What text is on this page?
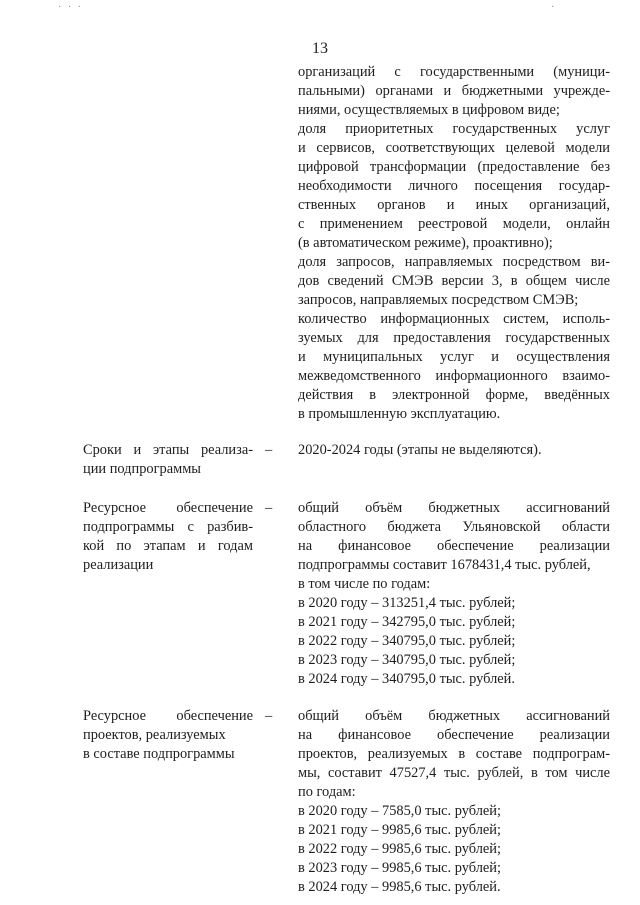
· · ·	·
13
организаций с государственными (муници-
пальными) органами и бюджетными учрежде-
ниями, осуществляемых в цифровом виде;
доля приоритетных государственных услуг
и сервисов, соответствующих целевой модели
цифровой трансформации (предоставление без
необходимости личного посещения государ-
ственных органов и иных организаций,
с применением реестровой модели, онлайн
(в автоматическом режиме), проактивно);
доля запросов, направляемых посредством ви-
дов сведений СМЭВ версии 3, в общем числе
запросов, направляемых посредством СМЭВ;
количество информационных систем, исполь-
зуемых для предоставления государственных
и муниципальных услуг и осуществления
межведомственного информационного взаимо-
действия в электронной форме, введённых
в промышленную эксплуатацию.
Сроки и этапы реализа-
ции подпрограммы
– 2020-2024 годы (этапы не выделяются).
Ресурсное обеспечение
подпрограммы с разбив-
кой по этапам и годам
реализации
– общий объём бюджетных ассигнований
областного бюджета Ульяновской области
на финансовое обеспечение реализации
подпрограммы составит 1678431,4 тыс. рублей,
в том числе по годам:
в 2020 году – 313251,4 тыс. рублей;
в 2021 году – 342795,0 тыс. рублей;
в 2022 году – 340795,0 тыс. рублей;
в 2023 году – 340795,0 тыс. рублей;
в 2024 году – 340795,0 тыс. рублей.
Ресурсное обеспечение
проектов, реализуемых
в составе подпрограммы
– общий объём бюджетных ассигнований
на финансовое обеспечение реализации
проектов, реализуемых в составе подпрограм-
мы, составит 47527,4 тыс. рублей, в том числе
по годам:
в 2020 году – 7585,0 тыс. рублей;
в 2021 году – 9985,6 тыс. рублей;
в 2022 году – 9985,6 тыс. рублей;
в 2023 году – 9985,6 тыс. рублей;
в 2024 году – 9985,6 тыс. рублей.
